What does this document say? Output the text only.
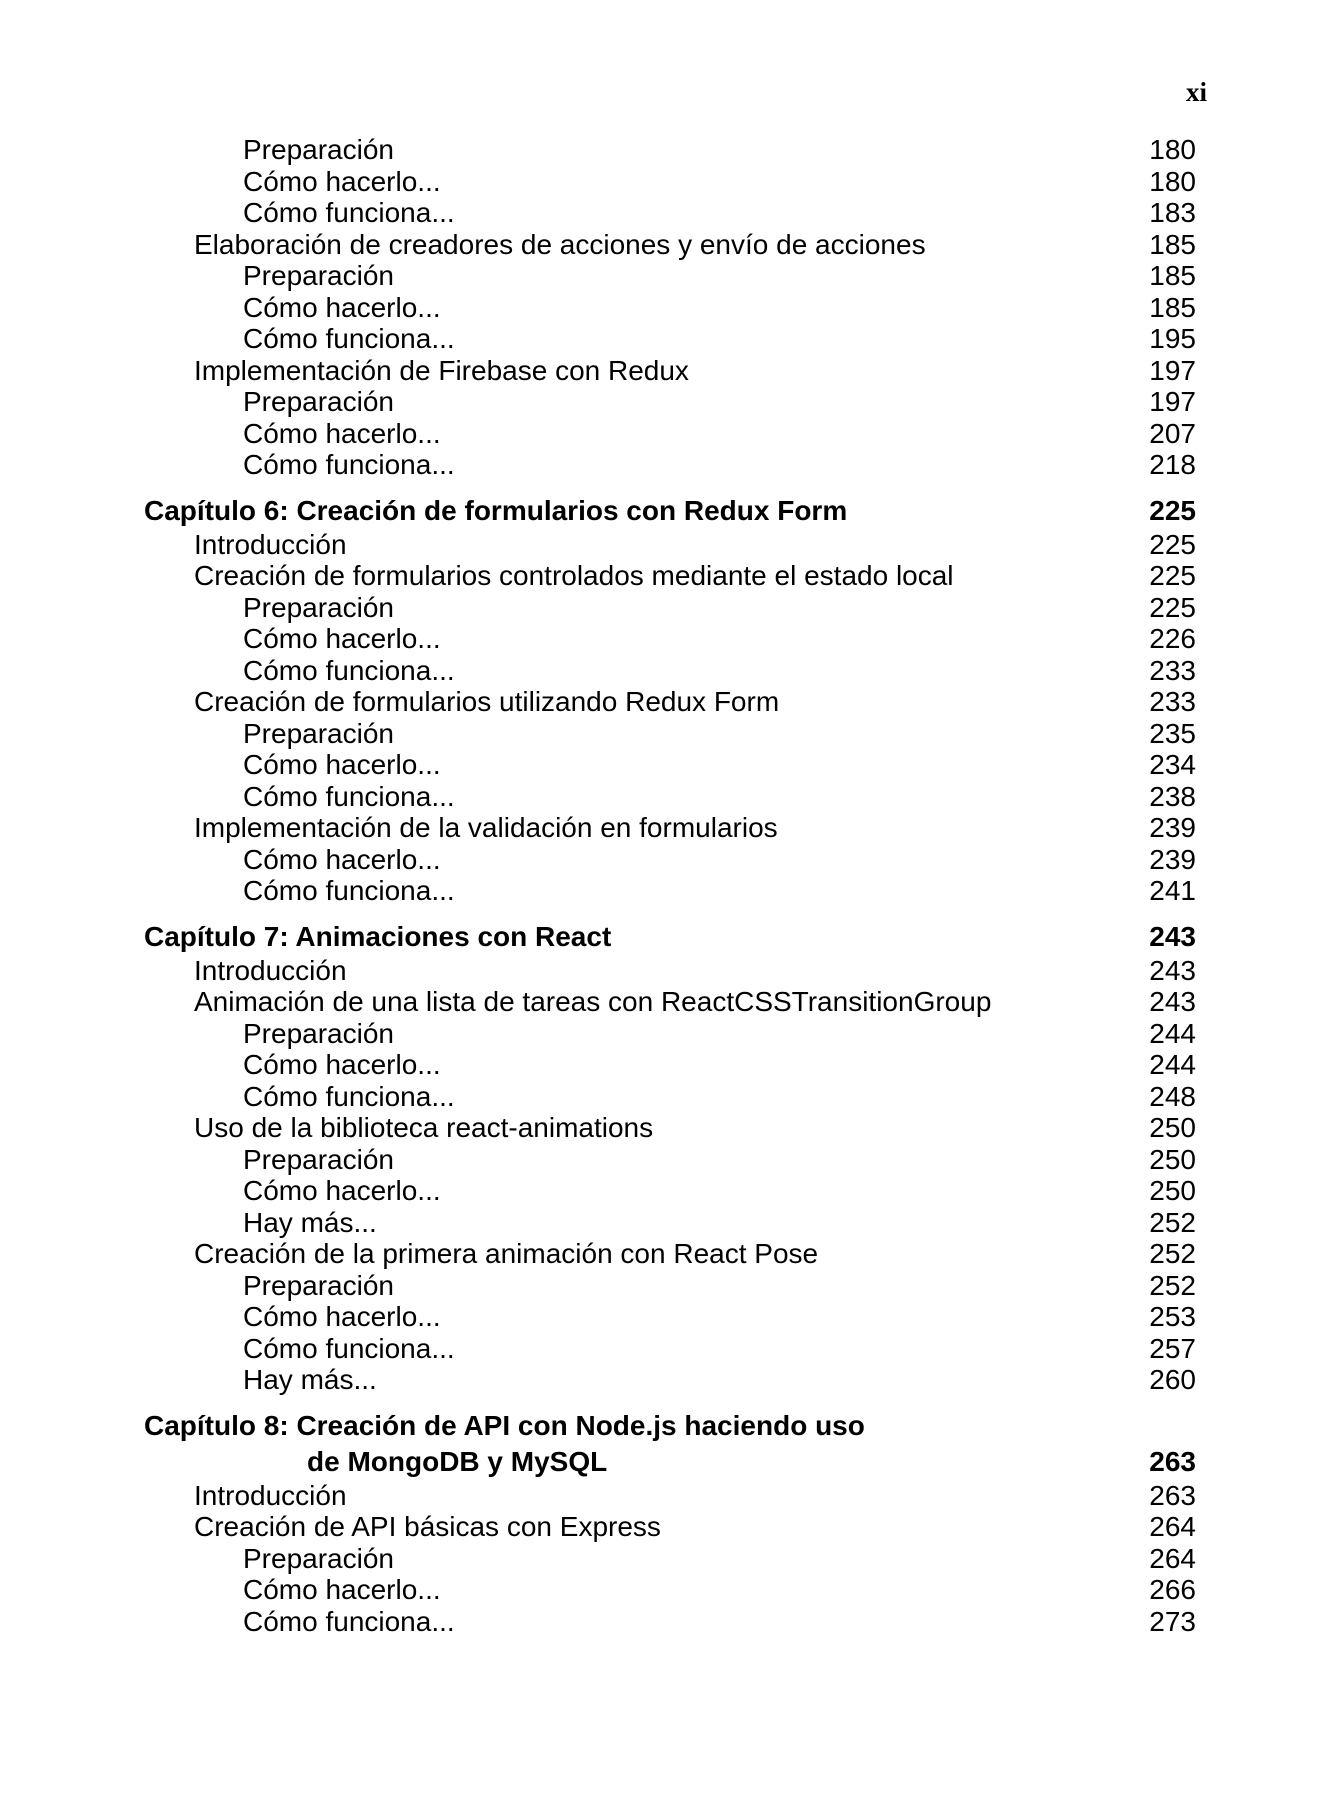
xi
Preparación	180
Cómo hacerlo...	180
Cómo funciona...	183
Elaboración de creadores de acciones y envío de acciones	185
Preparación	185
Cómo hacerlo...	185
Cómo funciona...	195
Implementación de Firebase con Redux	197
Preparación	197
Cómo hacerlo...	207
Cómo funciona...	218
Capítulo 6: Creación de formularios con Redux Form	225
Introducción	225
Creación de formularios controlados mediante el estado local	225
Preparación	225
Cómo hacerlo...	226
Cómo funciona...	233
Creación de formularios utilizando Redux Form	233
Preparación	235
Cómo hacerlo...	234
Cómo funciona...	238
Implementación de la validación en formularios	239
Cómo hacerlo...	239
Cómo funciona...	241
Capítulo 7: Animaciones con React	243
Introducción	243
Animación de una lista de tareas con ReactCSSTransitionGroup	243
Preparación	244
Cómo hacerlo...	244
Cómo funciona...	248
Uso de la biblioteca react-animations	250
Preparación	250
Cómo hacerlo...	250
Hay más...	252
Creación de la primera animación con React Pose	252
Preparación	252
Cómo hacerlo...	253
Cómo funciona...	257
Hay más...	260
Capítulo 8: Creación de API con Node.js haciendo uso
de MongoDB y MySQL	263
Introducción	263
Creación de API básicas con Express	264
Preparación	264
Cómo hacerlo...	266
Cómo funciona...	273
